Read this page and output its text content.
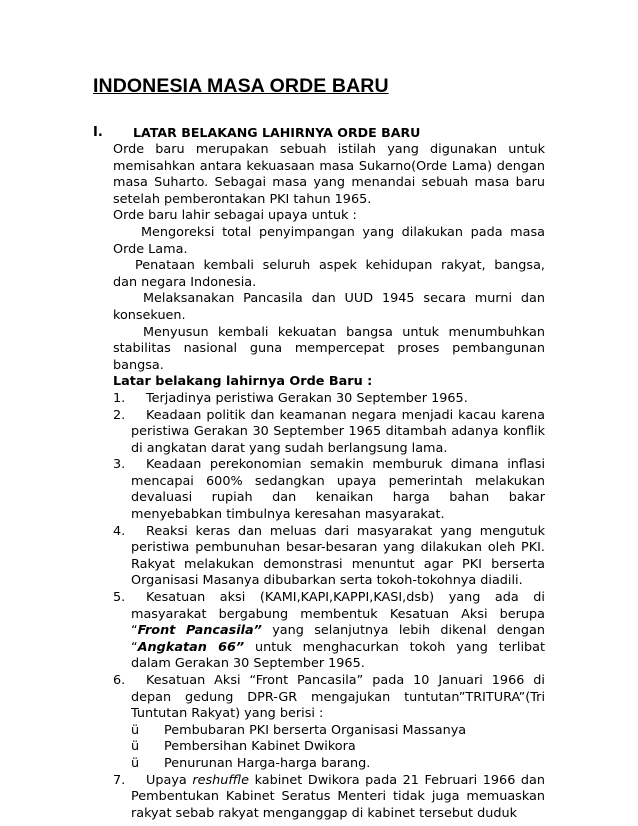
INDONESIA MASA ORDE BARU
I. LATAR BELAKANG LAHIRNYA ORDE BARU

Orde baru merupakan sebuah istilah yang digunakan untuk memisahkan antara kekuasaan masa Sukarno(Orde Lama) dengan masa Suharto. Sebagai masa yang menandai sebuah masa baru setelah pemberontakan PKI tahun 1965.

Orde baru lahir sebagai upaya untuk :

Mengoreksi total penyimpangan yang dilakukan pada masa Orde Lama.

Penataan kembali seluruh aspek kehidupan rakyat, bangsa, dan negara Indonesia.

Melaksanakan Pancasila dan UUD 1945 secara murni dan konsekuen.

Menyusun kembali kekuatan bangsa untuk menumbuhkan stabilitas nasional guna mempercepat proses pembangunan bangsa.

Latar belakang lahirnya Orde Baru :

1.	Terjadinya peristiwa Gerakan 30 September 1965.
2.	Keadaan politik dan keamanan negara menjadi kacau karena peristiwa Gerakan 30 September 1965 ditambah adanya konflik di angkatan darat yang sudah berlangsung lama.
3.	Keadaan perekonomian semakin memburuk dimana inflasi mencapai 600% sedangkan upaya pemerintah melakukan devaluasi rupiah dan kenaikan harga bahan bakar menyebabkan timbulnya keresahan masyarakat.
4.	Reaksi keras dan meluas dari masyarakat yang mengutuk peristiwa pembunuhan besar-besaran yang dilakukan oleh PKI. Rakyat melakukan demonstrasi menuntut agar PKI berserta Organisasi Masanya dibubarkan serta tokoh-tokohnya diadili.
5.	Kesatuan aksi (KAMI,KAPI,KAPPI,KASI,dsb) yang ada di masyarakat bergabung membentuk Kesatuan Aksi berupa “Front Pancasila” yang selanjutnya lebih dikenal dengan “Angkatan 66” untuk menghacurkan tokoh yang terlibat dalam Gerakan 30 September 1965.
6.	Kesatuan Aksi “Front Pancasila” pada 10 Januari 1966 di depan gedung DPR-GR mengajukan tuntutan”TRITURA”(Tri Tuntutan Rakyat) yang berisi :
ü Pembubaran PKI berserta Organisasi Massanya
ü Pembersihan Kabinet Dwikora
ü Penurunan Harga-harga barang.
7.	Upaya reshuffle kabinet Dwikora pada 21 Februari 1966 dan Pembentukan Kabinet Seratus Menteri tidak juga memuaskan rakyat sebab rakyat menganggap di kabinet tersebut duduk
